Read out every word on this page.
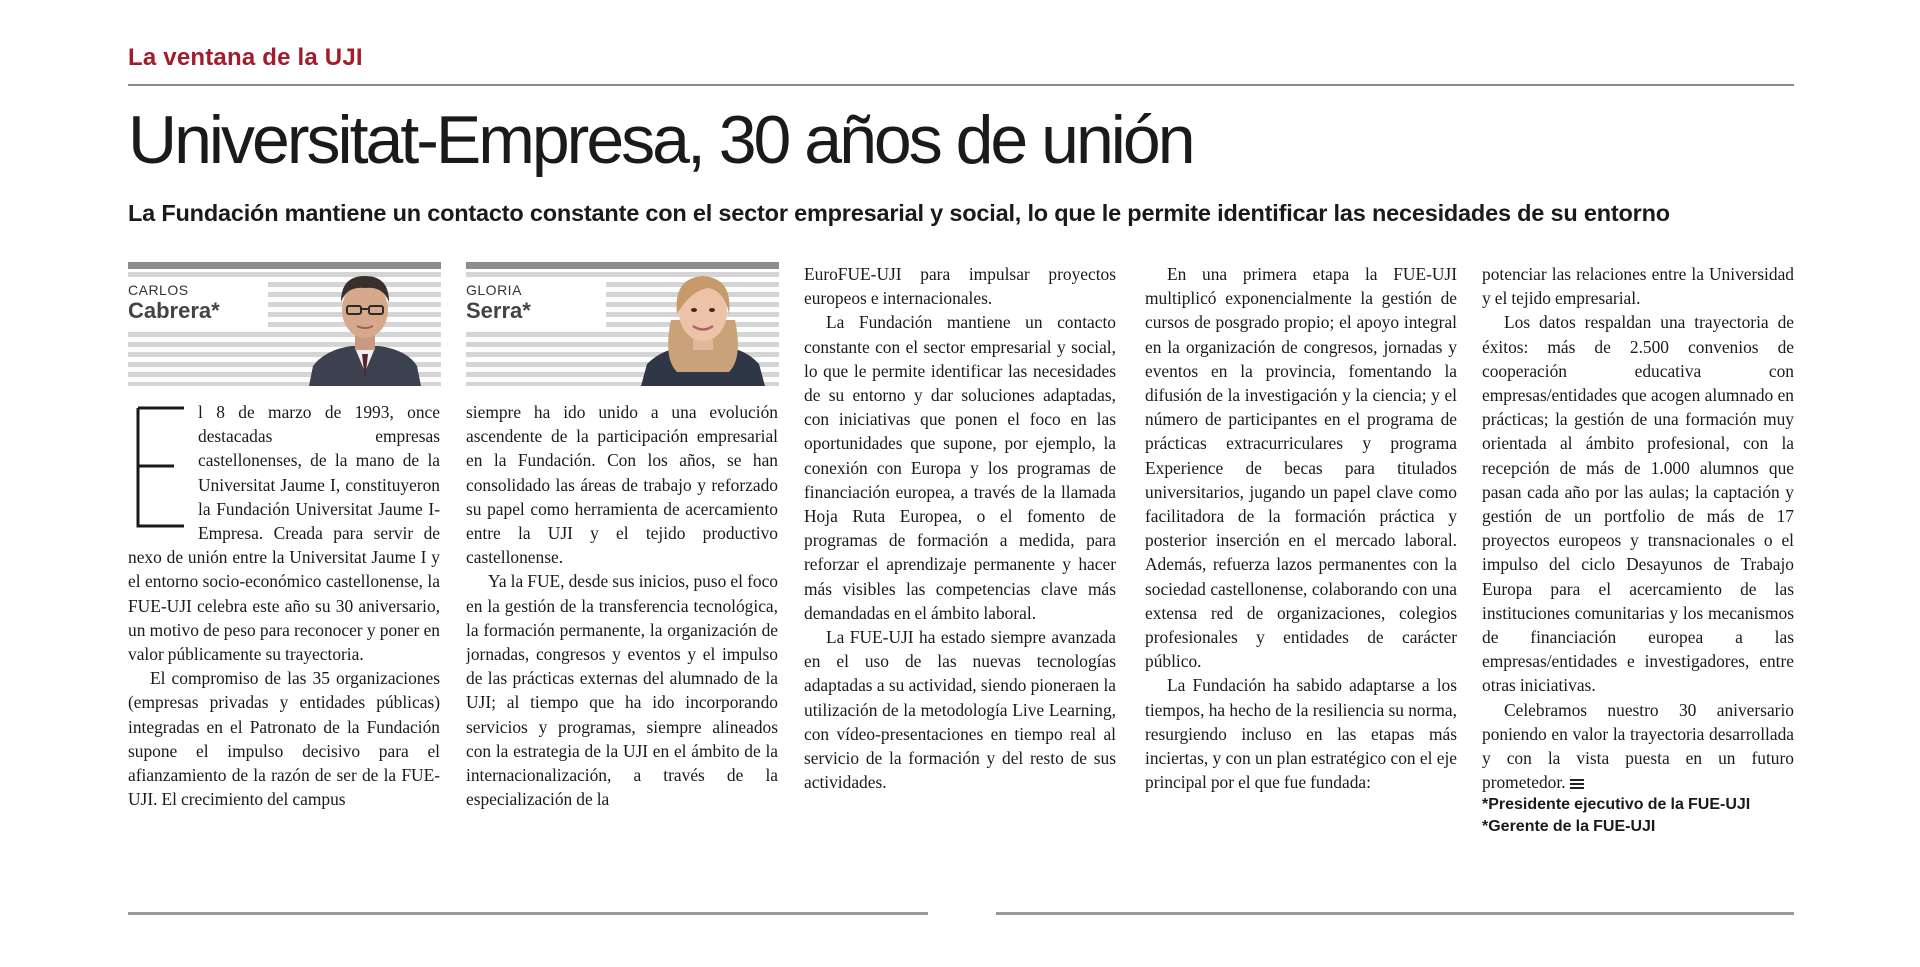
La ventana de la UJI
Universitat-Empresa, 30 años de unión
La Fundación mantiene un contacto constante con el sector empresarial y social, lo que le permite identificar las necesidades de su entorno
CARLOS
Cabrera*
GLORIA
Serra*

l 8 de marzo de 1993, once destacadas empresas castellonenses, de la mano de la Universitat Jaume I, constituyeron la Fundación Universitat Jaume I-Empresa. Creada para servir de nexo de unión entre la Universitat Jaume I y el entorno socio-económico castellonense, la FUE-UJI celebra este año su 30 aniversario, un motivo de peso para reconocer y poner en valor públicamente su trayectoria.

El compromiso de las 35 organizaciones (empresas privadas y entidades públicas) integradas en el Patronato de la Fundación supone el impulso decisivo para el afianzamiento de la razón de ser de la FUE-UJI. El crecimiento del campus

siempre ha ido unido a una evolución ascendente de la participación empresarial en la Fundación. Con los años, se han consolidado las áreas de trabajo y reforzado su papel como herramienta de acercamiento entre la UJI y el tejido productivo castellonense.

Ya la FUE, desde sus inicios, puso el foco en la gestión de la transferencia tecnológica, la formación permanente, la organización de jornadas, congresos y eventos y el impulso de las prácticas externas del alumnado de la UJI; al tiempo que ha ido incorporando servicios y programas, siempre alineados con la estrategia de la UJI en el ámbito de la internacionalización, a través de la especialización de la

EuroFUE-UJI para impulsar proyectos europeos e internacionales.

La Fundación mantiene un contacto constante con el sector empresarial y social, lo que le permite identificar las necesidades de su entorno y dar soluciones adaptadas, con iniciativas que ponen el foco en las oportunidades que supone, por ejemplo, la conexión con Europa y los programas de financiación europea, a través de la llamada Hoja Ruta Europea, o el fomento de programas de formación a medida, para reforzar el aprendizaje permanente y hacer más visibles las competencias clave más demandadas en el ámbito laboral.

La FUE-UJI ha estado siempre avanzada en el uso de las nuevas tecnologías adaptadas a su actividad, siendo pioneraen la utilización de la metodología Live Learning, con vídeo-presentaciones en tiempo real al servicio de la formación y del resto de sus actividades.

En una primera etapa la FUE-UJI multiplicó exponencialmente la gestión de cursos de posgrado propio; el apoyo integral en la organización de congresos, jornadas y eventos en la provincia, fomentando la difusión de la investigación y la ciencia; y el número de participantes en el programa de prácticas extracurriculares y programa Experience de becas para titulados universitarios, jugando un papel clave como facilitadora de la formación práctica y posterior inserción en el mercado laboral. Además, refuerza lazos permanentes con la sociedad castellonense, colaborando con una extensa red de organizaciones, colegios profesionales y entidades de carácter público.

La Fundación ha sabido adaptarse a los tiempos, ha hecho de la resiliencia su norma, resurgiendo incluso en las etapas más inciertas, y con un plan estratégico con el eje principal por el que fue fundada:

potenciar las relaciones entre la Universidad y el tejido empresarial.

Los datos respaldan una trayectoria de éxitos: más de 2.500 convenios de cooperación educativa con empresas/entidades que acogen alumnado en prácticas; la gestión de una formación muy orientada al ámbito profesional, con la recepción de más de 1.000 alumnos que pasan cada año por las aulas; la captación y gestión de un portfolio de más de 17 proyectos europeos y transnacionales o el impulso del ciclo Desayunos de Trabajo Europa para el acercamiento de las instituciones comunitarias y los mecanismos de financiación europea a las empresas/entidades e investigadores, entre otras iniciativas.

Celebramos nuestro 30 aniversario poniendo en valor la trayectoria desarrollada y con la vista puesta en un futuro prometedor.

*Presidente ejecutivo de la FUE-UJI
*Gerente de la FUE-UJI
